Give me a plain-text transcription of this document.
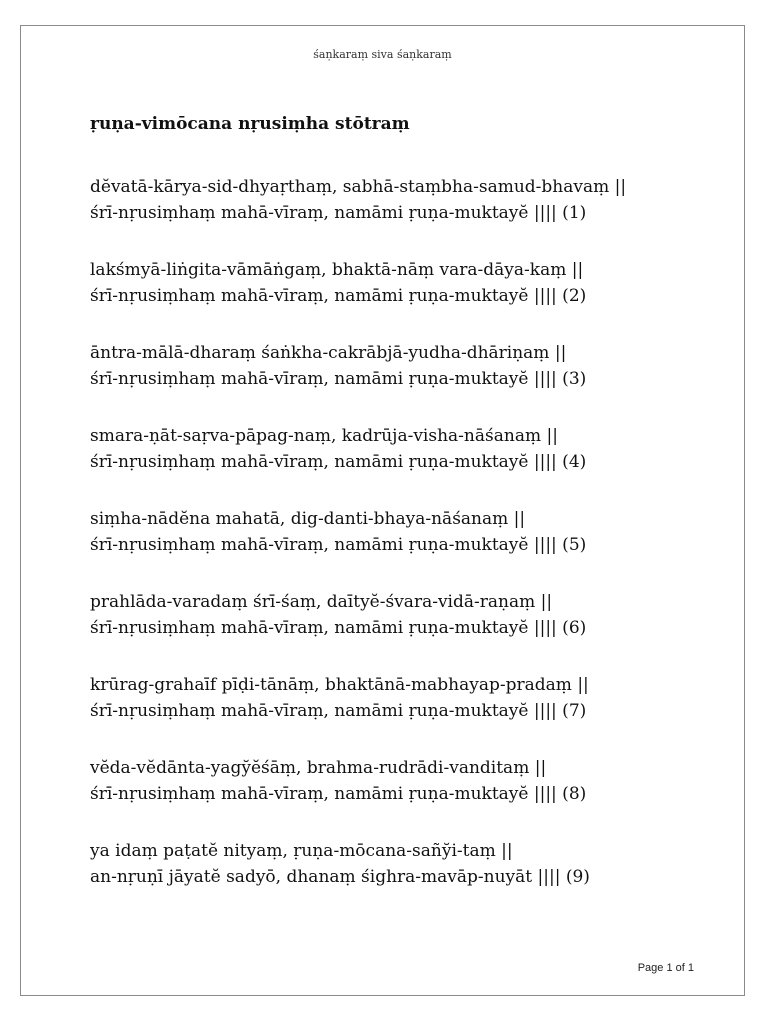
śaṇkaraṃ siva śaṇkaraṃ
ṛuṇa-vimōcana nṛusiṃha stōtraṃ
dĕvatā-kārya-sid-dhyaṛthaṃ, sabhā-staṃbha-samud-bhavaṃ ||
śrī-nṛusiṃhaṃ mahā-vīraṃ, namāmi ṛuṇa-muktayĕ |||| (1)
lakśmyā-liṅgita-vāmāṅgaṃ, bhaktā-nāṃ vara-dāya-kaṃ ||
śrī-nṛusiṃhaṃ mahā-vīraṃ, namāmi ṛuṇa-muktayĕ |||| (2)
āntra-mālā-dharaṃ śaṅkha-cakrābjā-yudha-dhāriṇaṃ ||
śrī-nṛusiṃhaṃ mahā-vīraṃ, namāmi ṛuṇa-muktayĕ |||| (3)
smara-ṇāt-saṛva-pāpag-naṃ, kadrūja-visha-nāśanaṃ ||
śrī-nṛusiṃhaṃ mahā-vīraṃ, namāmi ṛuṇa-muktayĕ |||| (4)
siṃha-nādĕna mahatā, dig-danti-bhaya-nāśanaṃ ||
śrī-nṛusiṃhaṃ mahā-vīraṃ, namāmi ṛuṇa-muktayĕ |||| (5)
prahlāda-varadaṃ śrī-śaṃ, daītyĕ-śvara-vidā-raṇaṃ ||
śrī-nṛusiṃhaṃ mahā-vīraṃ, namāmi ṛuṇa-muktayĕ |||| (6)
krūrag-grahaīf pīḍi-tānāṃ, bhaktānā-mabhayap-pradaṃ ||
śrī-nṛusiṃhaṃ mahā-vīraṃ, namāmi ṛuṇa-muktayĕ |||| (7)
vĕda-vĕdānta-yagy̆ĕśāṃ, brahma-rudrādi-vanditaṃ ||
śrī-nṛusiṃhaṃ mahā-vīraṃ, namāmi ṛuṇa-muktayĕ |||| (8)
ya idaṃ paṭatĕ nityaṃ, ṛuṇa-mōcana-sañy̆i-taṃ ||
an-nṛuṇī jāyatĕ sadyō, dhanaṃ śighra-mavāp-nuyāt |||| (9)
Page 1 of 1
